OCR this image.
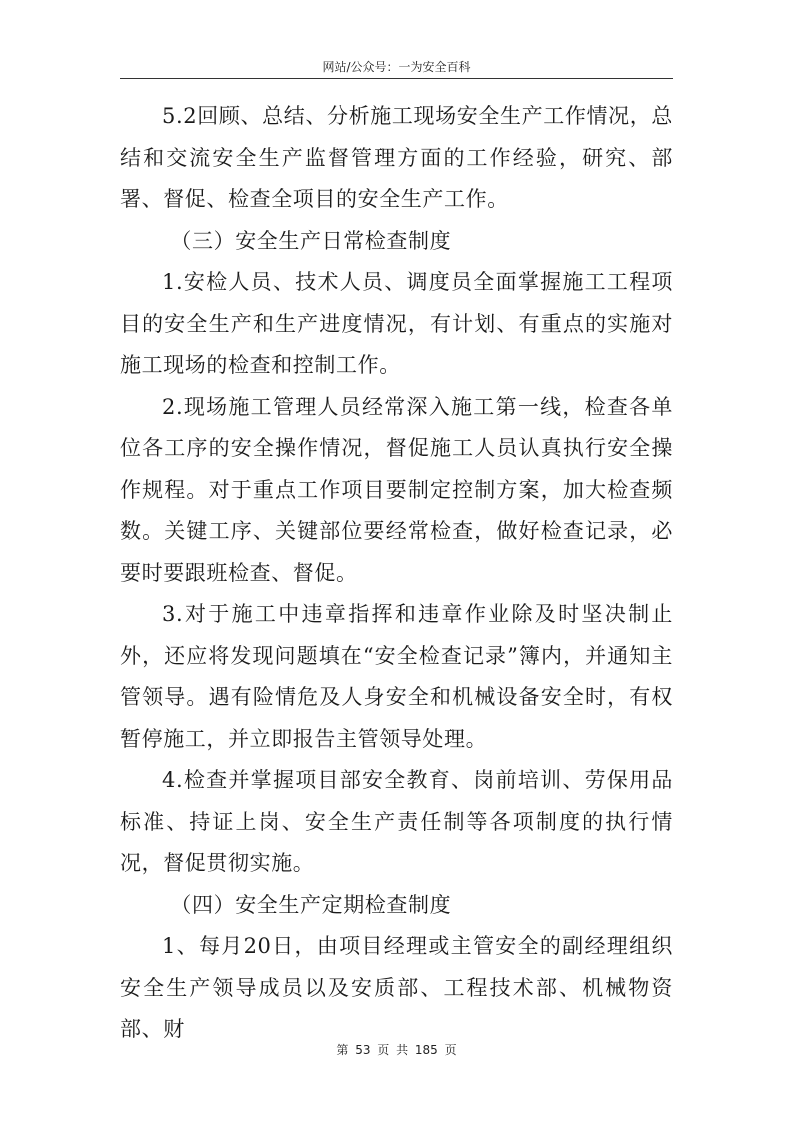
网站/公众号：一为安全百科

5.2回顾、总结、分析施工现场安全生产工作情况，总结和交流安全生产监督管理方面的工作经验，研究、部署、督促、检查全项目的安全生产工作。

（三）安全生产日常检查制度

1.安检人员、技术人员、调度员全面掌握施工工程项目的安全生产和生产进度情况，有计划、有重点的实施对施工现场的检查和控制工作。

2.现场施工管理人员经常深入施工第一线，检查各单位各工序的安全操作情况，督促施工人员认真执行安全操作规程。对于重点工作项目要制定控制方案，加大检查频数。关键工序、关键部位要经常检查，做好检查记录，必要时要跟班检查、督促。

3.对于施工中违章指挥和违章作业除及时坚决制止外，还应将发现问题填在“安全检查记录”簿内，并通知主管领导。遇有险情危及人身安全和机械设备安全时，有权暂停施工，并立即报告主管领导处理。

4.检查并掌握项目部安全教育、岗前培训、劳保用品标准、持证上岗、安全生产责任制等各项制度的执行情况，督促贯彻实施。

（四）安全生产定期检查制度

1、每月20日，由项目经理或主管安全的副经理组织安全生产领导成员以及安质部、工程技术部、机械物资部、财

第 53 页 共 185 页
